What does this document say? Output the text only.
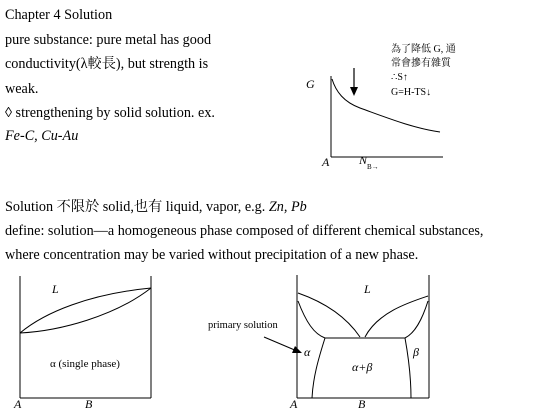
Chapter 4 Solution
pure substance: pure metal has good
conductivity(λ較長), but strength is
weak.
◊ strengthening by solid solution. ex.
Fe-C, Cu-Au
G
A N B→
為了降低 G, 通
常會摻有雜質
∴S↑
G=H-TS↓
Solution 不限於 solid,也有 liquid, vapor, e.g. Zn, Pb
define: solution—a homogeneous phase composed of different chemical substances,
where concentration may be varied without precipitation of a new phase.
L
α (single phase)
A	B
L
primary solution
α
α+β
β
A	B
